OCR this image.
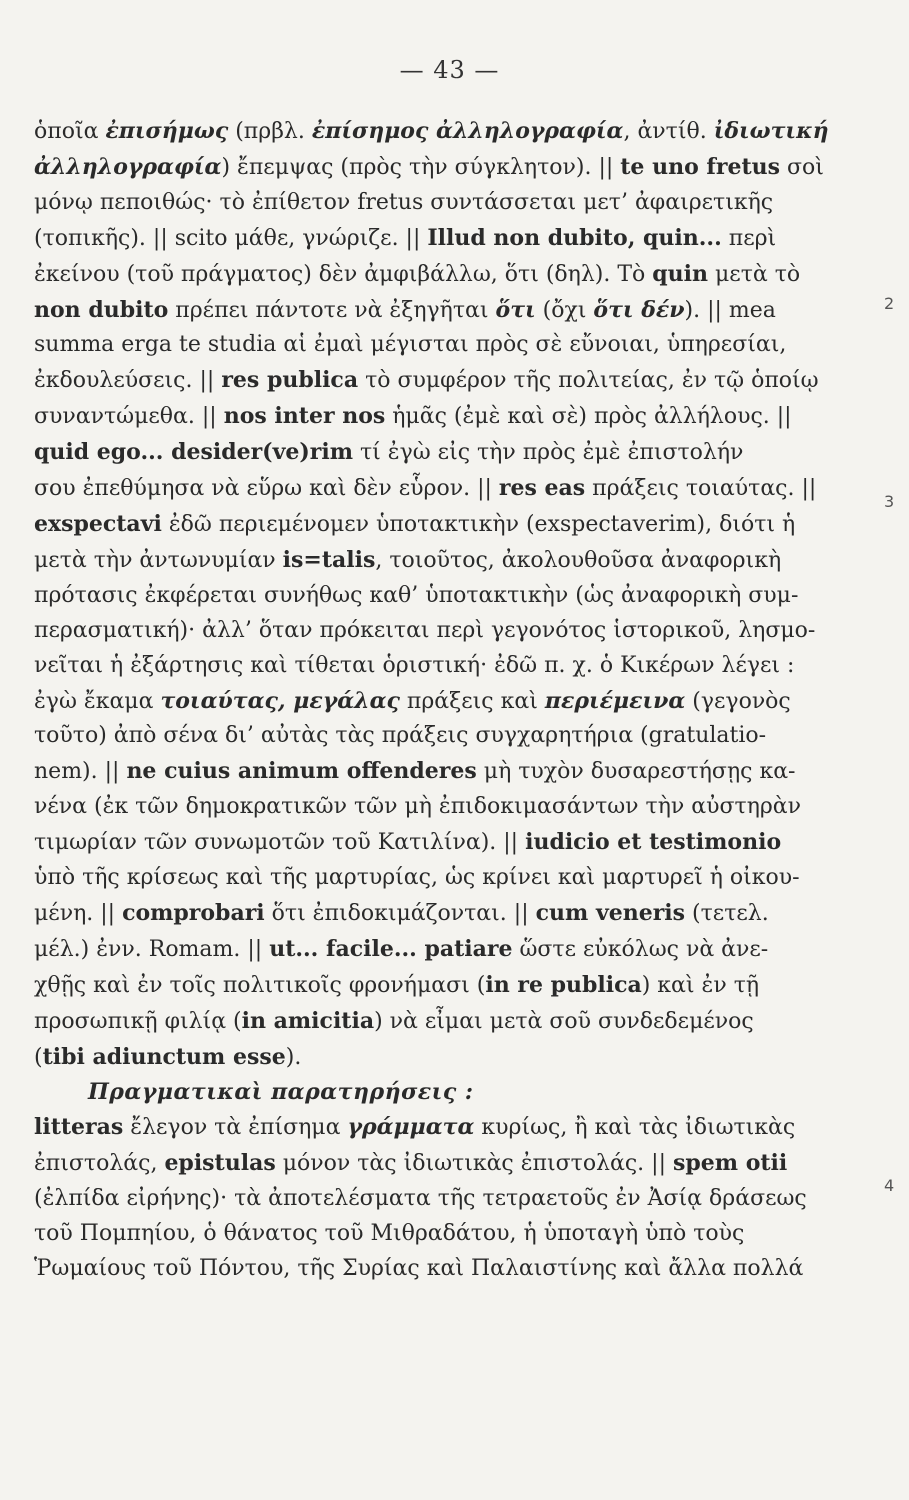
— 43 —

ὁποῖα ἐπισήμως (πρβλ. ἐπίσημος ἀλληλογραφία, ἀντίθ. ἰδιωτική
ἀλληλογραφία) ἔπεμψας (πρὸς τὴν σύγκλητον). || te uno fretus σοὶ
μόνῳ πεποιθώς· τὸ ἐπίθετον fretus συντάσσεται μετ’ ἀφαιρετικῆς
(τοπικῆς). || scito μάθε, γνώριζε. || Illud non dubito, quin... περὶ
ἐκείνου (τοῦ πράγματος) δὲν ἀμφιβάλλω, ὅτι (δηλ). Τὸ quin μετὰ τὸ
non dubito πρέπει πάντοτε νὰ ἐξηγῆται ὅτι (ὄχι ὅτι δέν). || mea
summa erga te studia αἱ ἐμαὶ μέγισται πρὸς σὲ εὔνοιαι, ὑπηρεσίαι,
ἐκδουλεύσεις. || res publica τὸ συμφέρον τῆς πολιτείας, ἐν τῷ ὁποίῳ
συναντώμεθα. || nos inter nos ἡμᾶς (ἐμὲ καὶ σὲ) πρὸς ἀλλήλους. ||
quid ego... desider(ve)rim τί ἐγὼ εἰς τὴν πρὸς ἐμὲ ἐπιστολήν
σου ἐπεθύμησα νὰ εὕρω καὶ δὲν εὗρον. || res eas πράξεις τοιαύτας. ||
exspectavi ἐδῶ περιεμένομεν ὑποτακτικὴν (exspectaverim), διότι ἡ
μετὰ τὴν ἀντωνυμίαν is=talis, τοιοῦτος, ἀκολουθοῦσα ἀναφορικὴ
πρότασις ἐκφέρεται συνήθως καθ’ ὑποτακτικὴν (ὡς ἀναφορικὴ συμ-
περασματική)· ἀλλ’ ὅταν πρόκειται περὶ γεγονότος ἱστορικοῦ, λησμο-
νεῖται ἡ ἐξάρτησις καὶ τίθεται ὁριστική· ἐδῶ π. χ. ὁ Κικέρων λέγει :
ἐγὼ ἔκαμα τοιαύτας, μεγάλας πράξεις καὶ περιέμεινα (γεγονὸς
τοῦτο) ἀπὸ σένα δι’ αὐτὰς τὰς πράξεις συγχαρητήρια (gratulatio-
nem). || ne cuius animum offenderes μὴ τυχὸν δυσαρεστήσῃς κα-
νένα (ἐκ τῶν δημοκρατικῶν τῶν μὴ ἐπιδοκιμασάντων τὴν αὐστηρὰν
τιμωρίαν τῶν συνωμοτῶν τοῦ Κατιλίνα). || iudicio et testimonio
ὑπὸ τῆς κρίσεως καὶ τῆς μαρτυρίας, ὡς κρίνει καὶ μαρτυρεῖ ἡ οἰκου-
μένη. || comprobari ὅτι ἐπιδοκιμάζονται. || cum veneris (τετελ.
μέλ.) ἐνν. Romam. || ut... facile... patiare ὥστε εὐκόλως νὰ ἀνε-
χθῇς καὶ ἐν τοῖς πολιτικοῖς φρονήμασι (in re publica) καὶ ἐν τῇ
προσωπικῇ φιλίᾳ (in amicitia) νὰ εἶμαι μετὰ σοῦ συνδεδεμένος
(tibi adiunctum esse).

Πραγματικαὶ παρατηρήσεις :

litteras ἔλεγον τὰ ἐπίσημα γράμματα κυρίως, ἢ καὶ τὰς ἰδιωτικὰς
ἐπιστολάς, epistulas μόνον τὰς ἰδιωτικὰς ἐπιστολάς. || spem otii
(ἐλπίδα εἰρήνης)· τὰ ἀποτελέσματα τῆς τετραετοῦς ἐν Ἀσίᾳ δράσεως
τοῦ Πομπηίου, ὁ θάνατος τοῦ Μιθραδάτου, ἡ ὑποταγὴ ὑπὸ τοὺς
Ῥωμαίους τοῦ Πόντου, τῆς Συρίας καὶ Παλαιστίνης καὶ ἄλλα πολλά

2
3
4
